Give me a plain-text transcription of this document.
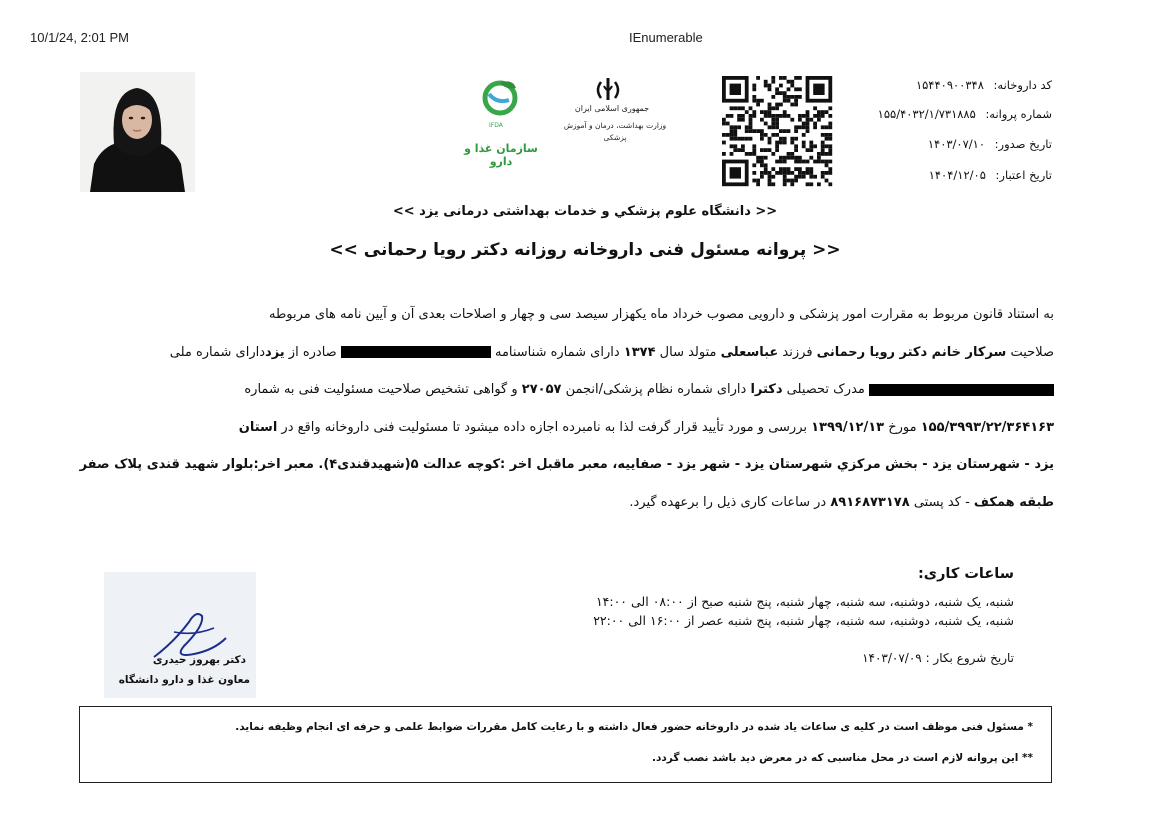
10/1/24, 2:01 PM	IEnumerable
IFDA
سازمان غذا و دارو
جمهوری اسلامی ایران
وزارت بهداشت، درمان و آموزش پزشکی
کد داروخانه: ۱۵۴۴۰۹۰۰۳۴۸
شماره پروانه: ۱۵۵/۴۰۳۲/۱/۷۳۱۸۸۵
تاریخ صدور: ۱۴۰۳/۰۷/۱۰
تاریخ اعتبار: ۱۴۰۴/۱۲/۰۵
<< دانشگاه علوم پزشکي و خدمات بهداشتی درمانی یزد >>
<< پروانه مسئول فنی داروخانه روزانه دکتر رویا رحمانی >>
به استناد قانون مربوط به مقرارت امور پزشکی و دارویی مصوب خرداد ماه یکهزار سیصد سی و چهار و اصلاحات بعدی آن و آیین نامه های مربوطه
صلاحیت سرکار خانم دکتر رویا رحمانی فرزند عباسعلی متولد سال ۱۳۷۴ دارای شماره شناسنامه  صادره از یزددارای شماره ملی
مدرک تحصیلی دکترا دارای شماره نظام پزشکی/انجمن ۲۷۰۵۷ و گواهی تشخیص صلاحیت مسئولیت فنی به شماره
۱۵۵/۳۹۹۳/۲۲/۳۶۴۱۶۳ مورخ ۱۳۹۹/۱۲/۱۳ بررسی و مورد تأیید قرار گرفت لذا به نامبرده اجازه داده میشود تا مسئولیت فنی داروخانه واقع در استان
یزد - شهرستان یزد - بخش مرکزي شهرستان یزد - شهر یزد - صفاییه، معبر ماقبل اخر :کوچه عدالت ۵(شهیدقندی۴). معبر اخر:بلوار شهید قندی پلاک صفر
طبقه همکف - کد پستی ۸۹۱۶۸۷۳۱۷۸ در ساعات کاری ذیل را برعهده گیرد.
ساعات کاری:
شنبه، یک شنبه، دوشنبه، سه شنبه، چهار شنبه، پنج شنبه صبح از ۰۸:۰۰ الی ۱۴:۰۰
شنبه، یک شنبه، دوشنبه، سه شنبه، چهار شنبه، پنج شنبه عصر از ۱۶:۰۰ الی ۲۲:۰۰
تاریخ شروع بکار : ۱۴۰۳/۰۷/۰۹
دکتر بهروز حیدری
معاون غذا و دارو دانشگاه
* مسئول فنی موظف است در کلیه ی ساعات یاد شده در داروخانه حضور فعال داشته و با رعایت کامل مقررات ضوابط علمی و حرفه ای انجام وظیفه نماید.
** این پروانه لازم است در محل مناسبی که در معرض دید باشد نصب گردد.
